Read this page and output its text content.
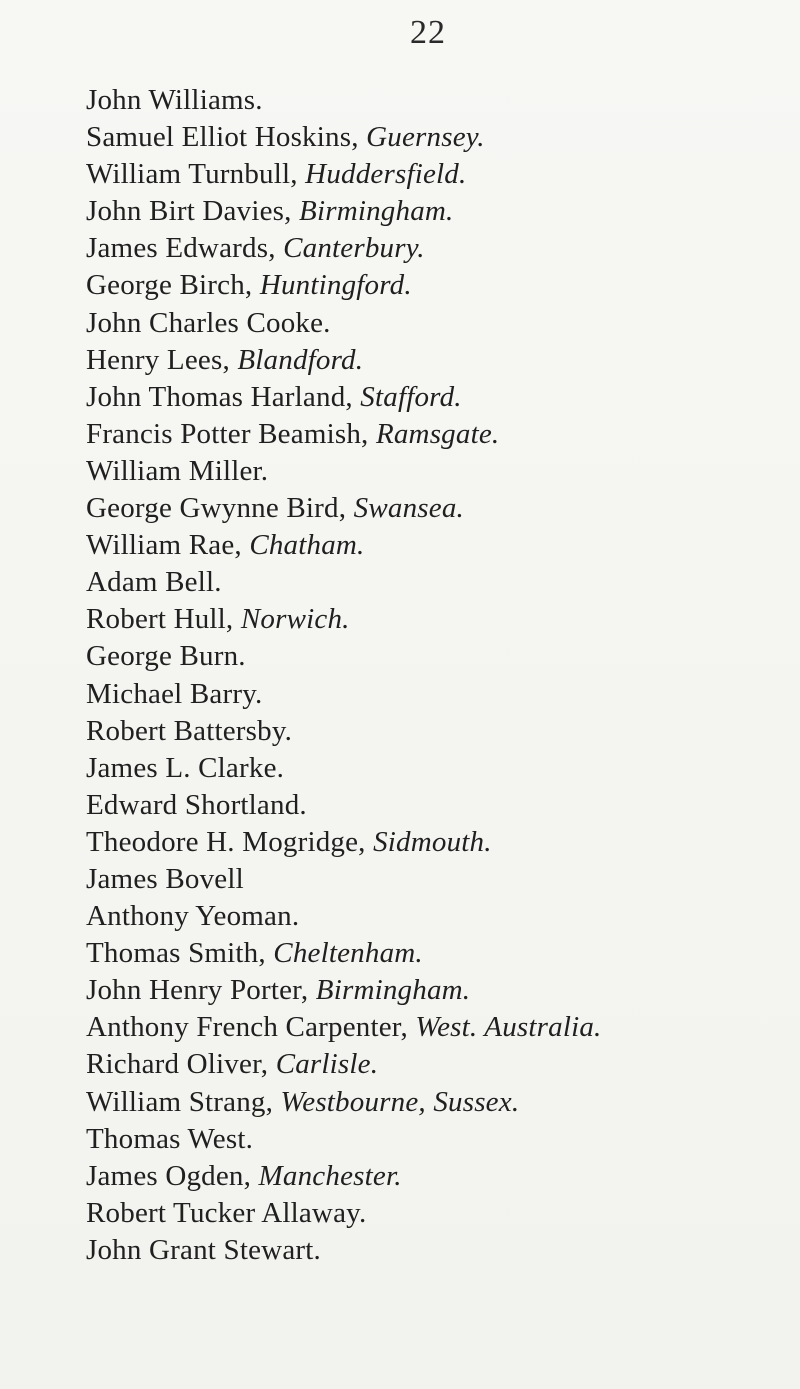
22
John Williams.
Samuel Elliot Hoskins, Guernsey.
William Turnbull, Huddersfield.
John Birt Davies, Birmingham.
James Edwards, Canterbury.
George Birch, Huntingford.
John Charles Cooke.
Henry Lees, Blandford.
John Thomas Harland, Stafford.
Francis Potter Beamish, Ramsgate.
William Miller.
George Gwynne Bird, Swansea.
William Rae, Chatham.
Adam Bell.
Robert Hull, Norwich.
George Burn.
Michael Barry.
Robert Battersby.
James L. Clarke.
Edward Shortland.
Theodore H. Mogridge, Sidmouth.
James Bovell
Anthony Yeoman.
Thomas Smith, Cheltenham.
John Henry Porter, Birmingham.
Anthony French Carpenter, West. Australia.
Richard Oliver, Carlisle.
William Strang, Westbourne, Sussex.
Thomas West.
James Ogden, Manchester.
Robert Tucker Allaway.
John Grant Stewart.
